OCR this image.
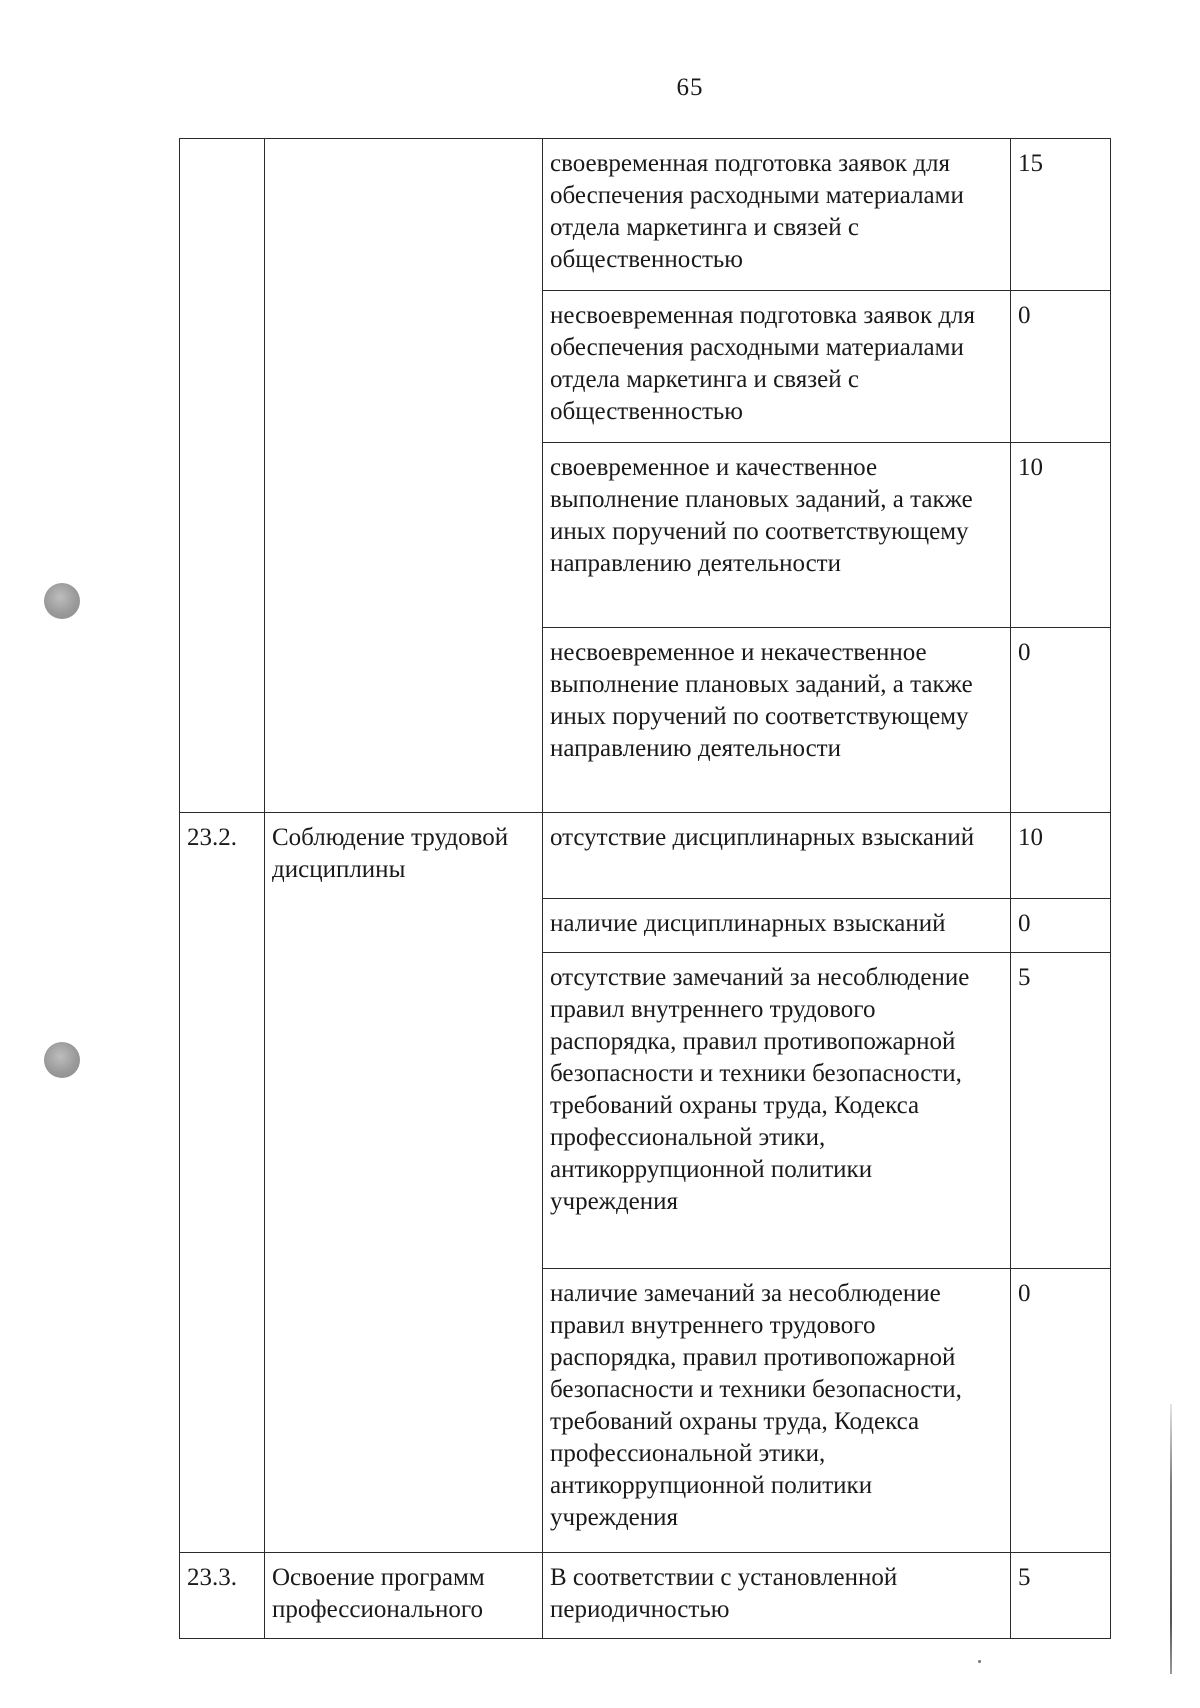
65
		своевременная подготовка заявок для обеспечения расходными материалами отдела маркетинга и связей с общественностью	15
		несвоевременная подготовка заявок для обеспечения расходными материалами отдела маркетинга и связей с общественностью	0
		своевременное и качественное выполнение плановых заданий, а также иных поручений по соответствующему направлению деятельности	10
		несвоевременное и некачественное выполнение плановых заданий, а также иных поручений по соответствующему направлению деятельности	0
23.2.	Соблюдение трудовой дисциплины	отсутствие дисциплинарных взысканий	10
		наличие дисциплинарных взысканий	0
		отсутствие замечаний за несоблюдение правил внутреннего трудового распорядка, правил противопожарной безопасности и техники безопасности, требований охраны труда, Кодекса профессиональной этики, антикоррупционной политики учреждения	5
		наличие замечаний за несоблюдение правил внутреннего трудового распорядка, правил противопожарной безопасности и техники безопасности, требований охраны труда, Кодекса профессиональной этики, антикоррупционной политики учреждения	0
23.3.	Освоение программ профессионального	В соответствии с установленной периодичностью	5
